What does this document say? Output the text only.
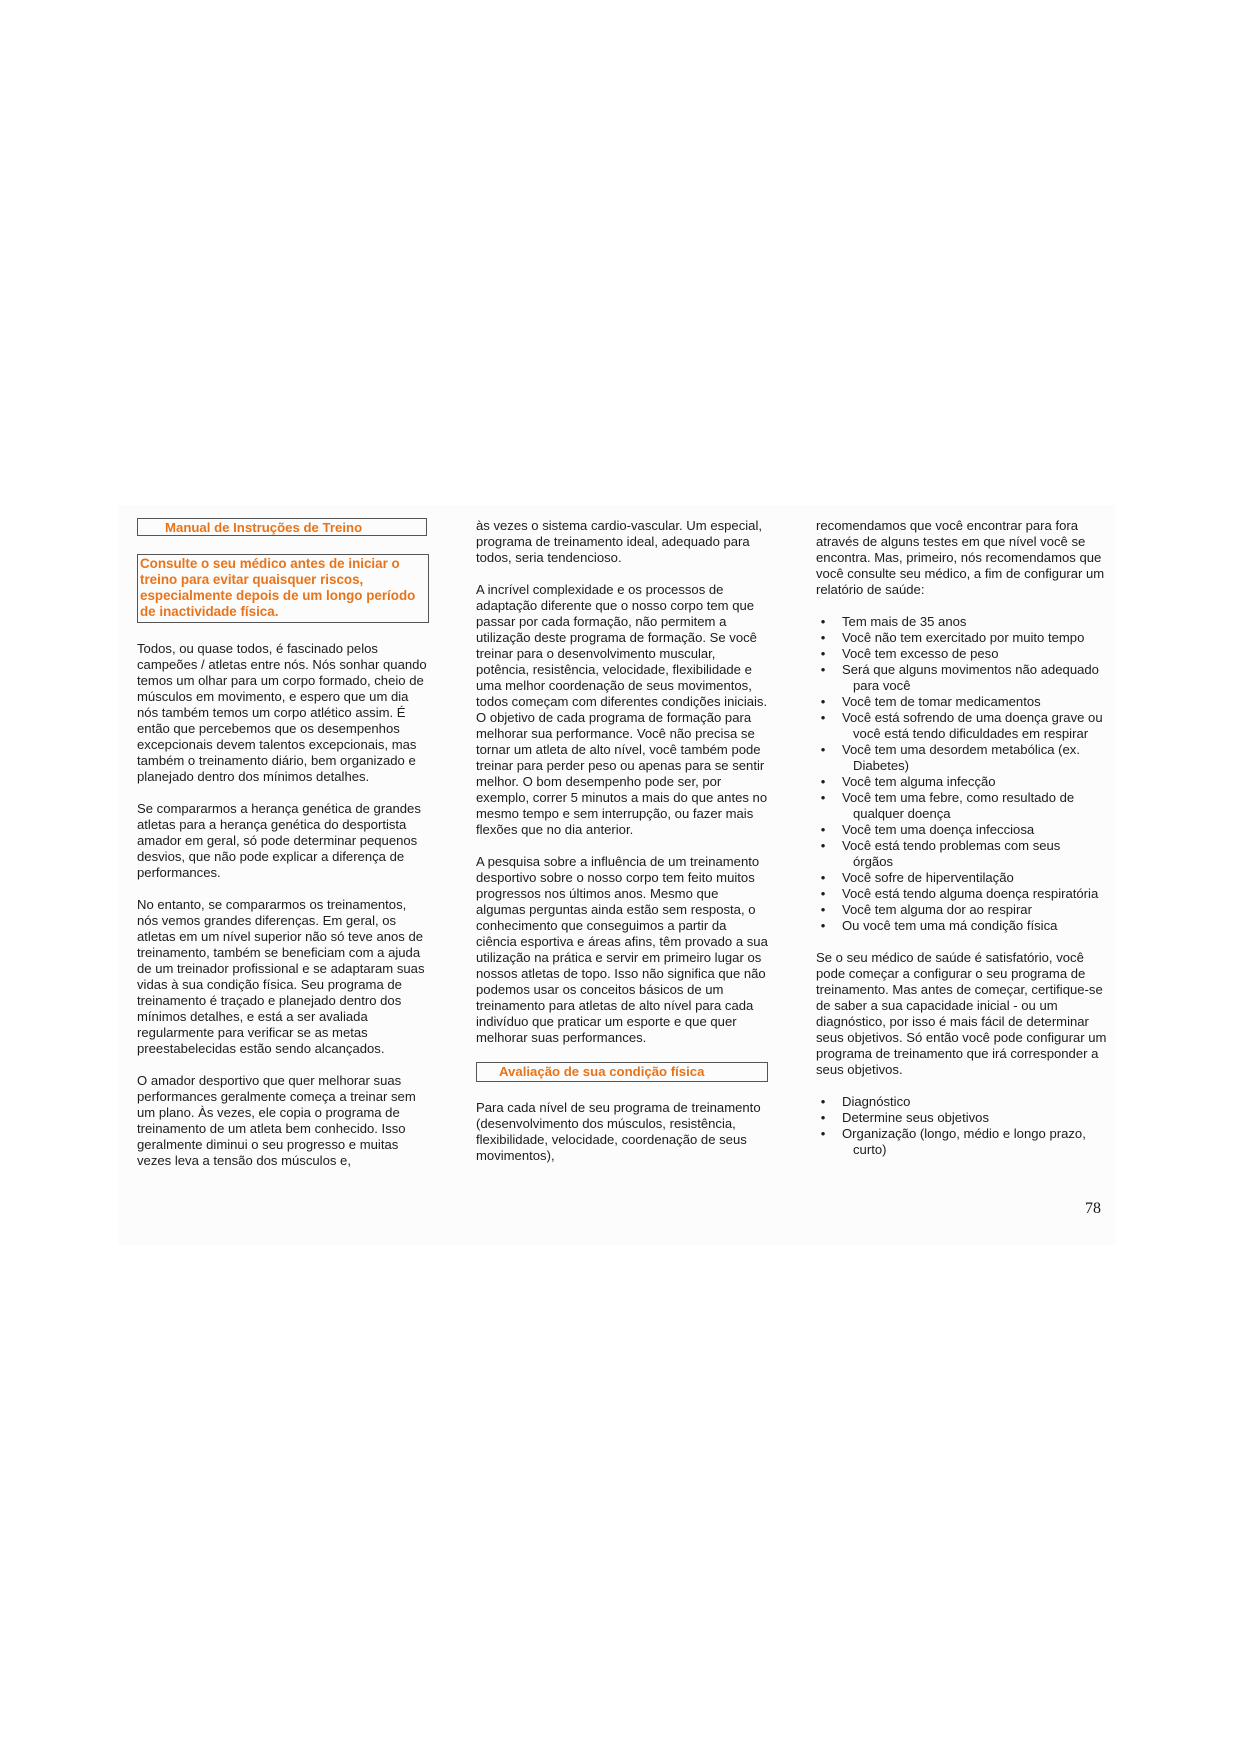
Manual de Instruções de Treino
Consulte o seu médico antes de iniciar o treino para evitar quaisquer riscos, especialmente depois de um longo período de inactividade física.

Todos, ou quase todos, é fascinado pelos campeões / atletas entre nós. Nós sonhar quando temos um olhar para um corpo formado, cheio de músculos em movimento, e espero que um dia nós também temos um corpo atlético assim. É então que percebemos que os desempenhos excepcionais devem talentos excepcionais, mas também o treinamento diário, bem organizado e planejado dentro dos mínimos detalhes.

Se compararmos a herança genética de grandes atletas para a herança genética do desportista amador em geral, só pode determinar pequenos desvios, que não pode explicar a diferença de performances.

No entanto, se compararmos os treinamentos, nós vemos grandes diferenças. Em geral, os atletas em um nível superior não só teve anos de treinamento, também se beneficiam com a ajuda de um treinador profissional e se adaptaram suas vidas à sua condição física. Seu programa de treinamento é traçado e planejado dentro dos mínimos detalhes, e está a ser avaliada regularmente para verificar se as metas preestabelecidas estão sendo alcançados.

O amador desportivo que quer melhorar suas performances geralmente começa a treinar sem um plano. Às vezes, ele copia o programa de treinamento de um atleta bem conhecido. Isso geralmente diminui o seu progresso e muitas vezes leva a tensão dos músculos e,

às vezes o sistema cardio-vascular. Um especial, programa de treinamento ideal, adequado para todos, seria tendencioso.

A incrível complexidade e os processos de adaptação diferente que o nosso corpo tem que passar por cada formação, não permitem a utilização deste programa de formação. Se você treinar para o desenvolvimento muscular, potência, resistência, velocidade, flexibilidade e uma melhor coordenação de seus movimentos, todos começam com diferentes condições iniciais.

O objetivo de cada programa de formação para melhorar sua performance. Você não precisa se tornar um atleta de alto nível, você também pode treinar para perder peso ou apenas para se sentir melhor. O bom desempenho pode ser, por exemplo, correr 5 minutos a mais do que antes no mesmo tempo e sem interrupção, ou fazer mais flexões que no dia anterior.

A pesquisa sobre a influência de um treinamento desportivo sobre o nosso corpo tem feito muitos progressos nos últimos anos. Mesmo que algumas perguntas ainda estão sem resposta, o conhecimento que conseguimos a partir da ciência esportiva e áreas afins, têm provado a sua utilização na prática e servir em primeiro lugar os nossos atletas de topo. Isso não significa que não podemos usar os conceitos básicos de um treinamento para atletas de alto nível para cada indivíduo que praticar um esporte e que quer melhorar suas performances.

Avaliação de sua condição física

Para cada nível de seu programa de treinamento (desenvolvimento dos músculos, resistência, flexibilidade, velocidade, coordenação de seus movimentos),

recomendamos que você encontrar para fora através de alguns testes em que nível você se encontra. Mas, primeiro, nós recomendamos que você consulte seu médico, a fim de configurar um relatório de saúde:

•	Tem mais de 35 anos
•	Você não tem exercitado por muito tempo
•	Você tem excesso de peso
•	Será que alguns movimentos não adequado para você
•	Você tem de tomar medicamentos
•	Você está sofrendo de uma doença grave ou você está tendo dificuldades em respirar
•	Você tem uma desordem metabólica (ex. Diabetes)
•	Você tem alguma infecção
•	Você tem uma febre, como resultado de qualquer doença
•	Você tem uma doença infecciosa
•	Você está tendo problemas com seus órgãos
•	Você sofre de hiperventilação
•	Você está tendo alguma doença respiratória
•	Você tem alguma dor ao respirar
•	Ou você tem uma má condição física

Se o seu médico de saúde é satisfatório, você pode começar a configurar o seu programa de treinamento. Mas antes de começar, certifique-se de saber a sua capacidade inicial - ou um diagnóstico, por isso é mais fácil de determinar seus objetivos. Só então você pode configurar um programa de treinamento que irá corresponder a seus objetivos.

•	Diagnóstico
•	Determine seus objetivos
•	Organização (longo, médio e longo prazo, curto)
78
